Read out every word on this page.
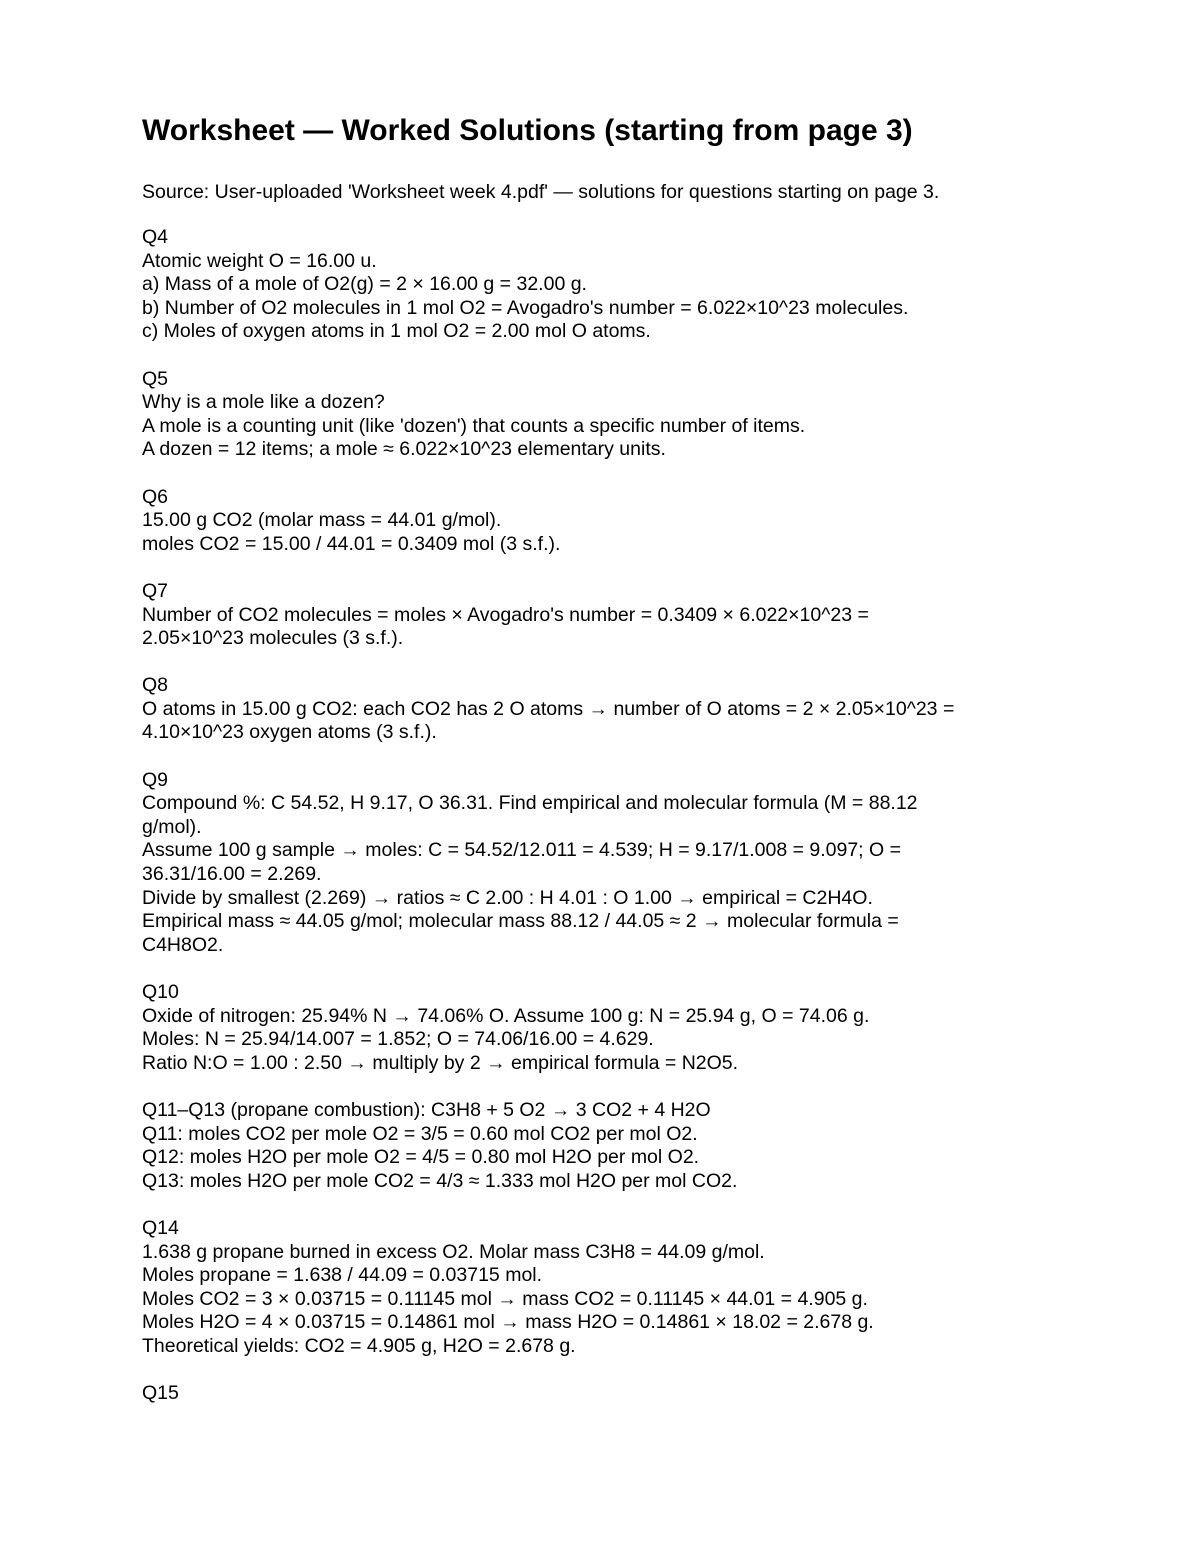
Worksheet — Worked Solutions (starting from page 3)

Source: User-uploaded 'Worksheet week 4.pdf' — solutions for questions starting on page 3.

Q4
Atomic weight O = 16.00 u.
a) Mass of a mole of O2(g) = 2 × 16.00 g = 32.00 g.
b) Number of O2 molecules in 1 mol O2 = Avogadro's number = 6.022×10^23 molecules.
c) Moles of oxygen atoms in 1 mol O2 = 2.00 mol O atoms.
Q5
Why is a mole like a dozen?
A mole is a counting unit (like 'dozen') that counts a specific number of items.
A dozen = 12 items; a mole ≈ 6.022×10^23 elementary units.
Q6
15.00 g CO2 (molar mass = 44.01 g/mol).
moles CO2 = 15.00 / 44.01 = 0.3409 mol (3 s.f.).
Q7
Number of CO2 molecules = moles × Avogadro's number = 0.3409 × 6.022×10^23 =
2.05×10^23 molecules (3 s.f.).
Q8
O atoms in 15.00 g CO2: each CO2 has 2 O atoms → number of O atoms = 2 × 2.05×10^23 =
4.10×10^23 oxygen atoms (3 s.f.).
Q9
Compound %: C 54.52, H 9.17, O 36.31. Find empirical and molecular formula (M = 88.12
g/mol).
Assume 100 g sample → moles: C = 54.52/12.011 = 4.539; H = 9.17/1.008 = 9.097; O =
36.31/16.00 = 2.269.
Divide by smallest (2.269) → ratios ≈ C 2.00 : H 4.01 : O 1.00 → empirical = C2H4O.
Empirical mass ≈ 44.05 g/mol; molecular mass 88.12 / 44.05 ≈ 2 → molecular formula =
C4H8O2.
Q10
Oxide of nitrogen: 25.94% N → 74.06% O. Assume 100 g: N = 25.94 g, O = 74.06 g.
Moles: N = 25.94/14.007 = 1.852; O = 74.06/16.00 = 4.629.
Ratio N:O = 1.00 : 2.50 → multiply by 2 → empirical formula = N2O5.
Q11–Q13 (propane combustion): C3H8 + 5 O2 → 3 CO2 + 4 H2O
Q11: moles CO2 per mole O2 = 3/5 = 0.60 mol CO2 per mol O2.
Q12: moles H2O per mole O2 = 4/5 = 0.80 mol H2O per mol O2.
Q13: moles H2O per mole CO2 = 4/3 ≈ 1.333 mol H2O per mol CO2.
Q14
1.638 g propane burned in excess O2. Molar mass C3H8 = 44.09 g/mol.
Moles propane = 1.638 / 44.09 = 0.03715 mol.
Moles CO2 = 3 × 0.03715 = 0.11145 mol → mass CO2 = 0.11145 × 44.01 = 4.905 g.
Moles H2O = 4 × 0.03715 = 0.14861 mol → mass H2O = 0.14861 × 18.02 = 2.678 g.
Theoretical yields: CO2 = 4.905 g, H2O = 2.678 g.
Q15
